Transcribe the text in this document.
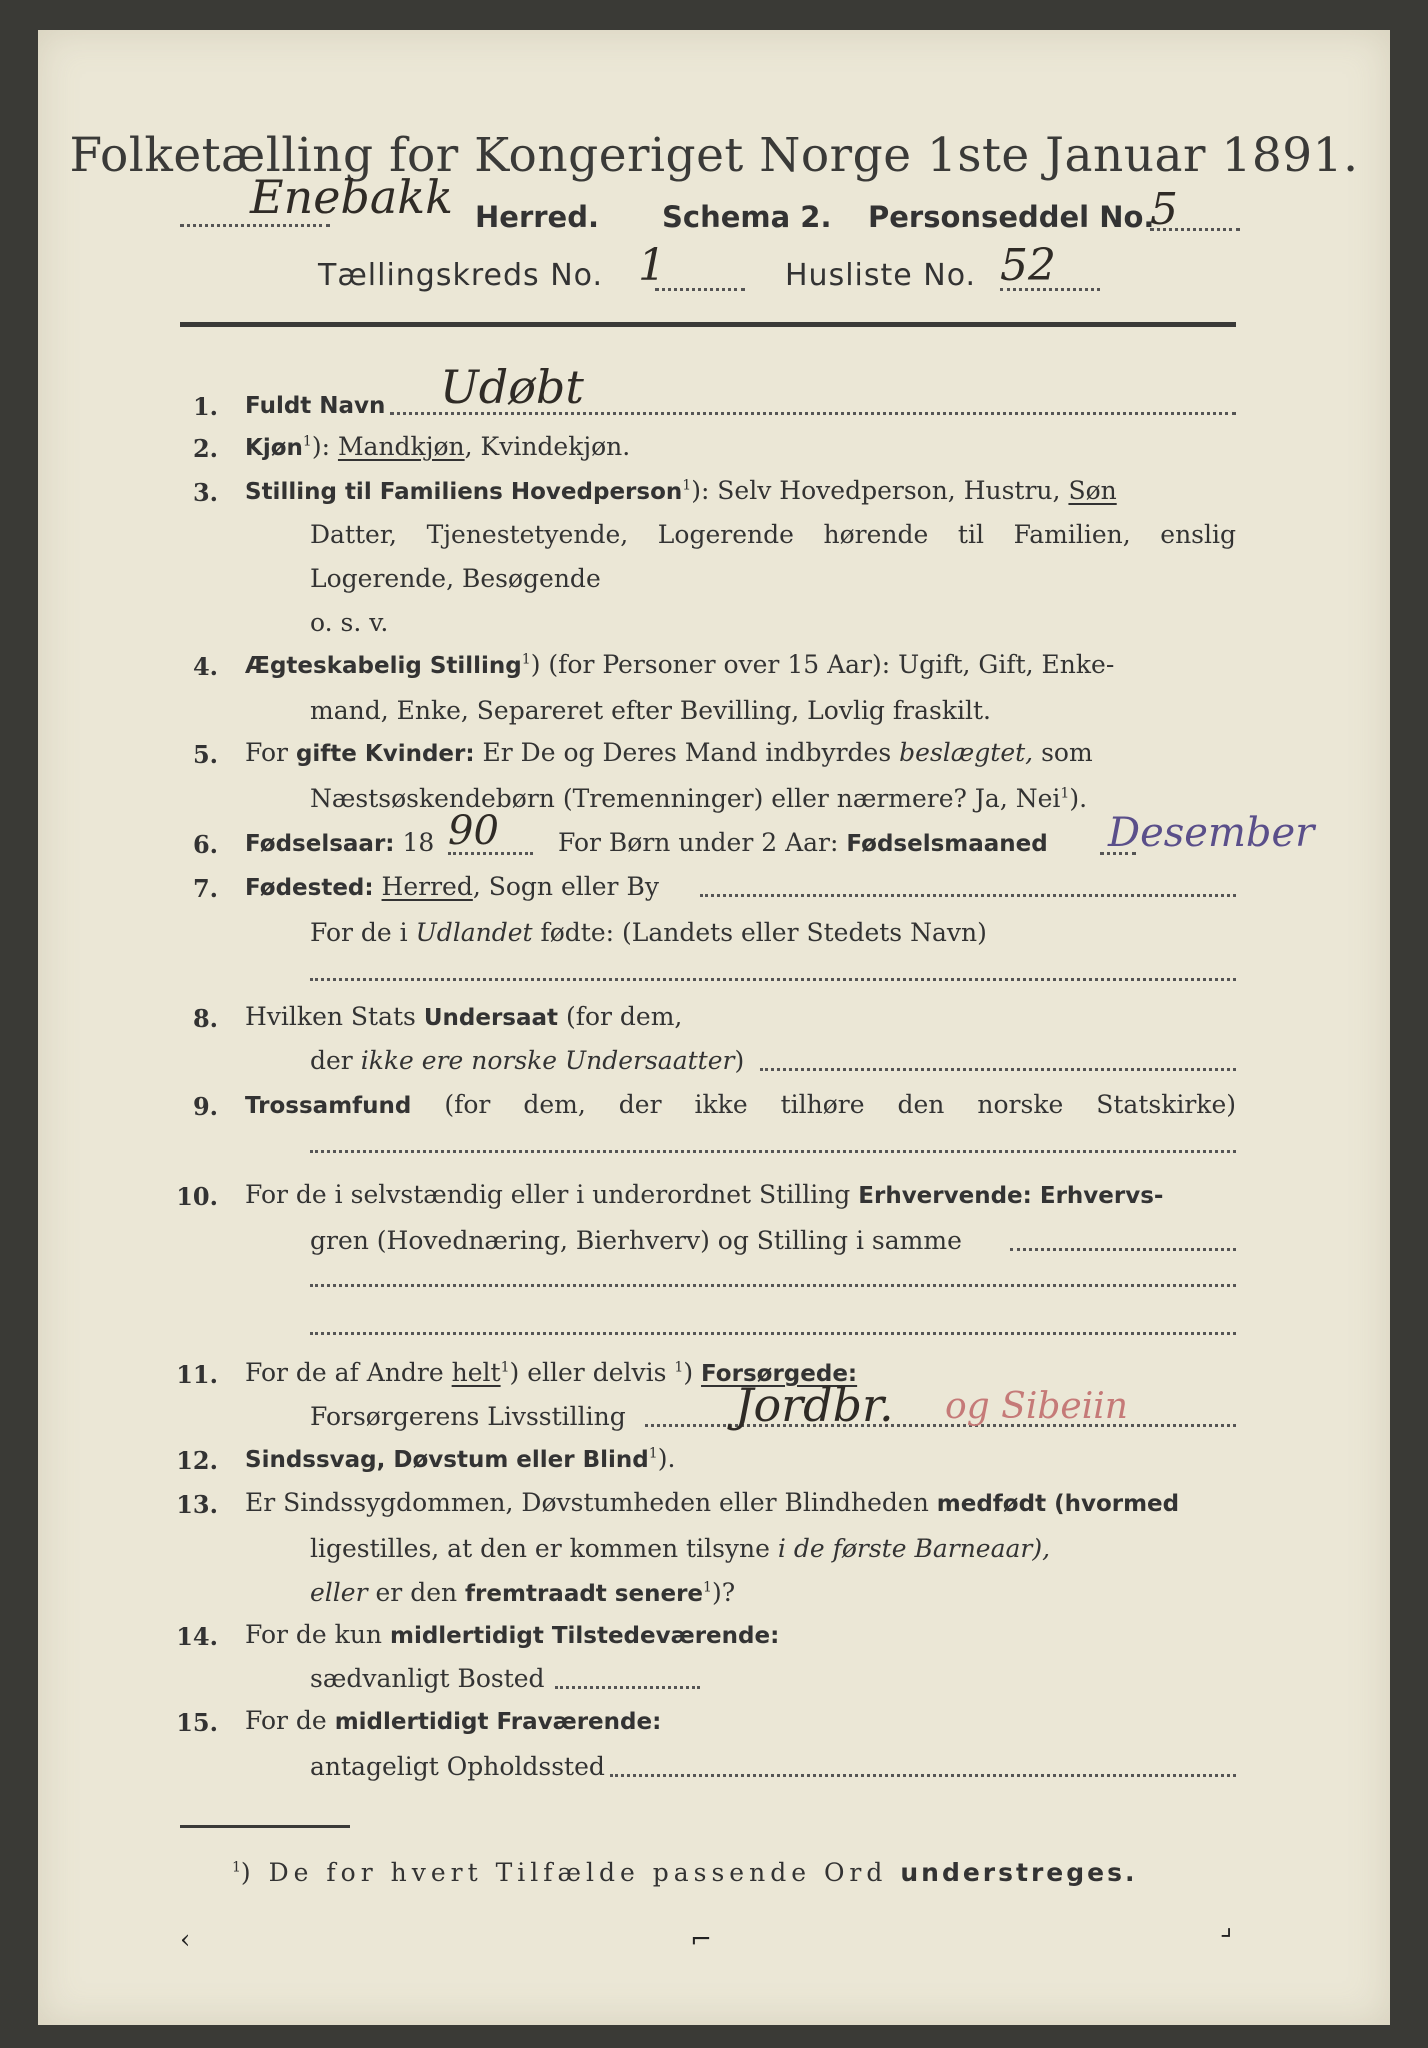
Folketælling for Kongeriget Norge 1ste Januar 1891.
Enebakk Herred. Schema 2. Personseddel No.
5
Tællingskreds No. 1	Husliste No. 52
1. Fuldt Navn Udøbt
2. Kjøn$^1$): Mandkjøn, Kvindekjøn.
3. Stilling til Familiens Hovedperson$^1$): Selv Hovedperson, Hustru, Søn
Datter, Tjenestetyende, Logerende hørende til Familien, enslig
Logerende, Besøgende
o. s. v.
4. Ægteskabelig Stilling$^1$) (for Personer over 15 Aar): Ugift, Gift, Enke-
mand, Enke, Separeret efter Bevilling, Lovlig fraskilt.
5. For gifte Kvinder: Er De og Deres Mand indbyrdes beslægtet, som
Næstsøskendebørn (Tremenninger) eller nærmere? Ja, Nei$^1$).
6. Fødselsaar: 18 90 For Børn under 2 Aar: Fødselsmaaned Desember
7. Fødested: Herred, Sogn eller By
For de i Udlandet fødte: (Landets eller Stedets Navn)
8. Hvilken Stats Undersaat (for dem,
der ikke ere norske Undersaatter)
9. Trossamfund (for dem, der ikke tilhøre den norske Statskirke)
10. For de i selvstændig eller i underordnet Stilling Erhvervende: Erhvervs-
gren (Hovednæring, Bierhverv) og Stilling i samme
11. For de af Andre helt$^1$) eller delvis $^1$) Forsørgede:
Forsørgerens Livsstilling Jordbr. og Sibeiin
12. Sindssvag, Døvstum eller Blind$^1$).
13. Er Sindssygdommen, Døvstumheden eller Blindheden medfødt (hvormed
ligestilles, at den er kommen tilsyne i de første Barneaar),
eller er den fremtraadt senere$^1$)?
14. For de kun midlertidigt Tilstedeværende:
sædvanligt Bosted
15. For de midlertidigt Fraværende:
antageligt Opholdssted
$^1$) De for hvert Tilfælde passende Ord understreges.
‹	⌐	⌟
